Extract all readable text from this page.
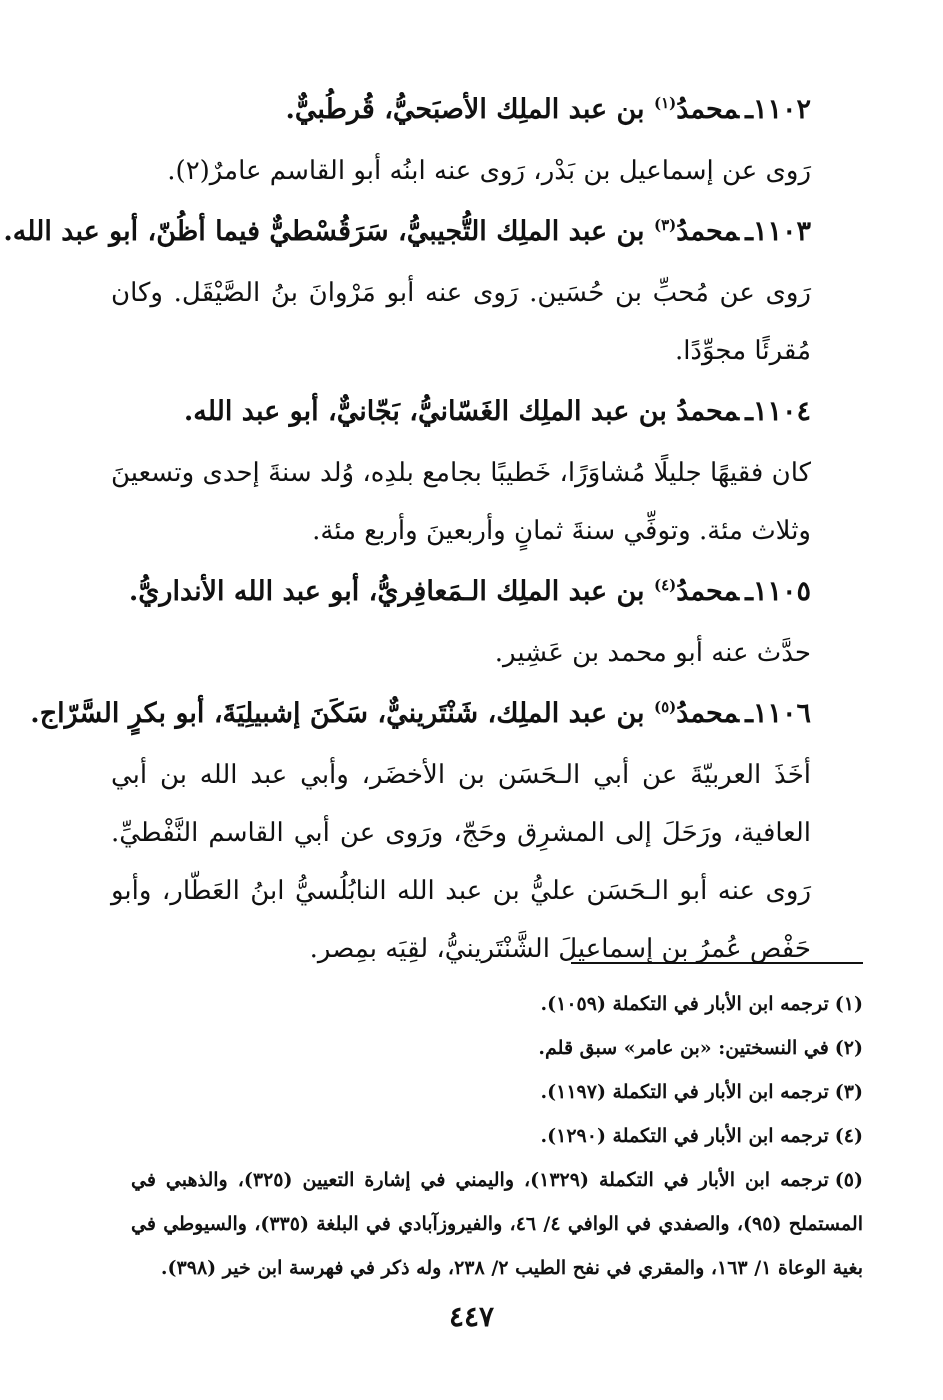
١١٠٢ـمحمدُ$^{(١)}$ بن عبد الملِك الأصبَحيُّ، قُرطُبيٌّ.

رَوى عن إسماعيل بن بَدْر، رَوى عنه ابنُه أبو القاسم عامرٌ(٢).

١١٠٣ـمحمدُ$^{(٣)}$ بن عبد الملِك التُّجيبيُّ، سَرَقُسْطيٌّ فيما أظُنّ، أبو عبد الله.

رَوى عن مُحبِّ بن حُسَين. رَوى عنه أبو مَرْوانَ بنُ الصَّيْقَل. وكان مُقرئًا مجوِّدًا.

١١٠٤ـمحمدُ بن عبد الملِك الغَسّانيُّ، بَجّانيٌّ، أبو عبد الله.

كان فقيهًا جليلًا مُشاوَرًا، خَطيبًا بجامع بلدِه، وُلد سنةَ إحدى وتسعينَ وثلاث مئة. وتوفِّي سنةَ ثمانٍ وأربعينَ وأربع مئة.

١١٠٥ـمحمدُ$^{(٤)}$ بن عبد الملِك الـمَعافِريُّ، أبو عبد الله الأنداريُّ.

حدَّث عنه أبو محمد بن عَشِير.

١١٠٦ـمحمدُ$^{(٥)}$ بن عبد الملِك، شَنْتَرينيٌّ، سَكَنَ إشبيلِيَةَ، أبو بكرٍ السَّرّاج.

أخَذَ العربيّةَ عن أبي الـحَسَن بن الأخضَر، وأبي عبد الله بن أبي العافية، ورَحَلَ إلى المشرِق وحَجّ، ورَوى عن أبي القاسم النَّفْطيِّ. رَوى عنه أبو الـحَسَن عليُّ بن عبد الله النابُلُسيُّ ابنُ العَطّار، وأبو حَفْص عُمرُ بن إسماعيلَ الشَّنْتَرينيُّ، لقِيَه بمِصر.

(١)ترجمه ابن الأبار في التكملة (١٠٥٩).

(٢)في النسختين: «بن عامر» سبق قلم.

(٣)ترجمه ابن الأبار في التكملة (١١٩٧).

(٤)ترجمه ابن الأبار في التكملة (١٢٩٠).

(٥)ترجمه ابن الأبار في التكملة (١٣٢٩)، واليمني في إشارة التعيين (٣٢٥)، والذهبي في المستملح (٩٥)، والصفدي في الوافي ٤/ ٤٦، والفيروزآبادي في البلغة (٣٣٥)، والسيوطي في بغية الوعاة ١/ ١٦٣، والمقري في نفح الطيب ٢/ ٢٣٨، وله ذكر في فهرسة ابن خير (٣٩٨).

٤٤٧
